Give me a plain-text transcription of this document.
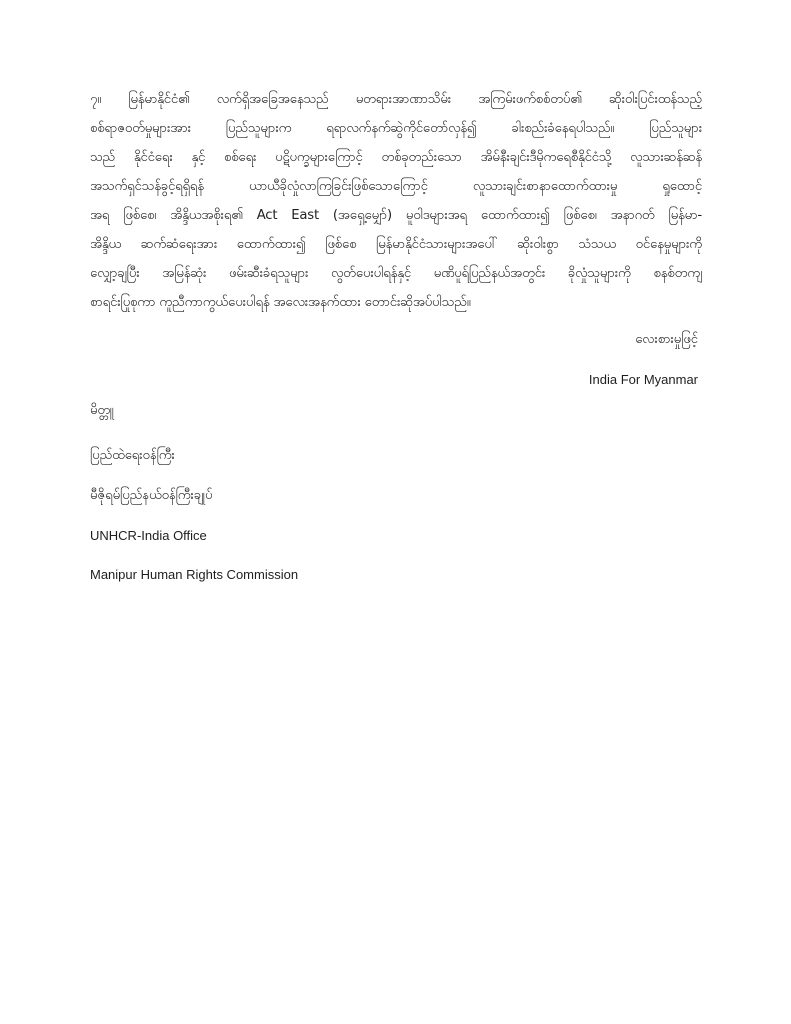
၇။ မြန်မာနိုင်ငံ၏ လက်ရှိအခြေအနေသည် မတရားအာဏာသိမ်း အကြမ်းဖက်စစ်တပ်၏ ဆိုးဝါးပြင်းထန်သည့်
စစ်ရာဇဝတ်မှုများအား ပြည်သူများက ရရာလက်နက်ဆွဲကိုင်တော်လှန်၍ ခါးစည်းခံနေရပါသည်။ ပြည်သူများ
သည် နိုင်ငံရေး နှင့် စစ်ရေး ပဋိပက္ခများကြောင့် တစ်ခုတည်းသော အိမ်နီးချင်းဒီမိုကရေစီနိုင်ငံသို့ လူသားဆန်ဆန်
အသက်ရှင်သန်ခွင့်ရရှိရန် ယာယီခိုလှုံလာကြခြင်းဖြစ်သောကြောင့် လူသားချင်းစာနာထောက်ထားမှု ရှုထောင့်
အရ ဖြစ်စေ၊ အိန္ဒိယအစိုးရ၏ Act East (အရှေ့မျှော်) မူဝါဒများအရ ထောက်ထား၍ ဖြစ်စေ၊ အနာဂတ် မြန်မာ-
အိန္ဒိယ ဆက်ဆံရေးအား ထောက်ထား၍ ဖြစ်စေ မြန်မာနိုင်ငံသားများအပေါ် ဆိုးဝါးစွာ သံသယ ဝင်နေမှုများကို
လျှော့ချပြီး အမြန်ဆုံး ဖမ်းဆီးခံရသူများ လွတ်ပေးပါရန်နှင့် မဏိပူရ်ပြည်နယ်အတွင်း ခိုလှုံသူများကို စနစ်တကျ
စာရင်းပြုစုကာ ကူညီကာကွယ်ပေးပါရန် အလေးအနက်ထား တောင်းဆိုအပ်ပါသည်။
လေးစားမှုဖြင့်
India For Myanmar
မိတ္တူ
ပြည်ထဲရေးဝန်ကြီး
မီဇိုရမ်ပြည်နယ်ဝန်ကြီးချုပ်
UNHCR-India Office
Manipur Human Rights Commission
